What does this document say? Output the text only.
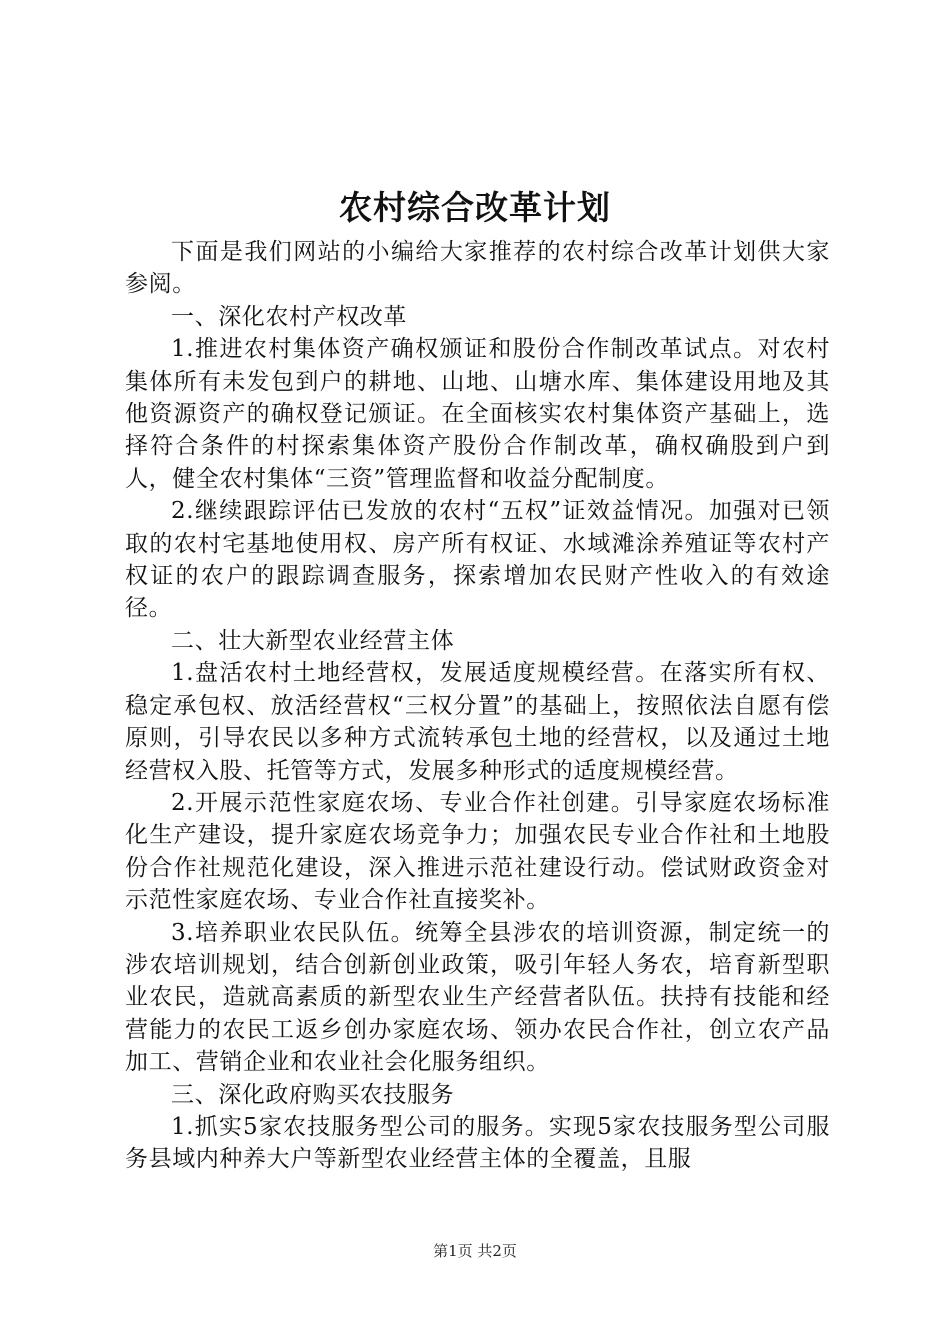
农村综合改革计划

下面是我们网站的小编给大家推荐的农村综合改革计划供大家参阅。

一、深化农村产权改革

1.推进农村集体资产确权颁证和股份合作制改革试点。对农村集体所有未发包到户的耕地、山地、山塘水库、集体建设用地及其他资源资产的确权登记颁证。在全面核实农村集体资产基础上，选择符合条件的村探索集体资产股份合作制改革，确权确股到户到人，健全农村集体“三资”管理监督和收益分配制度。

2.继续跟踪评估已发放的农村“五权”证效益情况。加强对已领取的农村宅基地使用权、房产所有权证、水域滩涂养殖证等农村产权证的农户的跟踪调查服务，探索增加农民财产性收入的有效途径。

二、壮大新型农业经营主体

1.盘活农村土地经营权，发展适度规模经营。在落实所有权、稳定承包权、放活经营权“三权分置”的基础上，按照依法自愿有偿原则，引导农民以多种方式流转承包土地的经营权，以及通过土地经营权入股、托管等方式，发展多种形式的适度规模经营。

2.开展示范性家庭农场、专业合作社创建。引导家庭农场标准化生产建设，提升家庭农场竞争力；加强农民专业合作社和土地股份合作社规范化建设，深入推进示范社建设行动。偿试财政资金对示范性家庭农场、专业合作社直接奖补。

3.培养职业农民队伍。统筹全县涉农的培训资源，制定统一的涉农培训规划，结合创新创业政策，吸引年轻人务农，培育新型职业农民，造就高素质的新型农业生产经营者队伍。扶持有技能和经营能力的农民工返乡创办家庭农场、领办农民合作社，创立农产品加工、营销企业和农业社会化服务组织。

三、深化政府购买农技服务

1.抓实5家农技服务型公司的服务。实现5家农技服务型公司服务县域内种养大户等新型农业经营主体的全覆盖，且服

第1页 共2页
